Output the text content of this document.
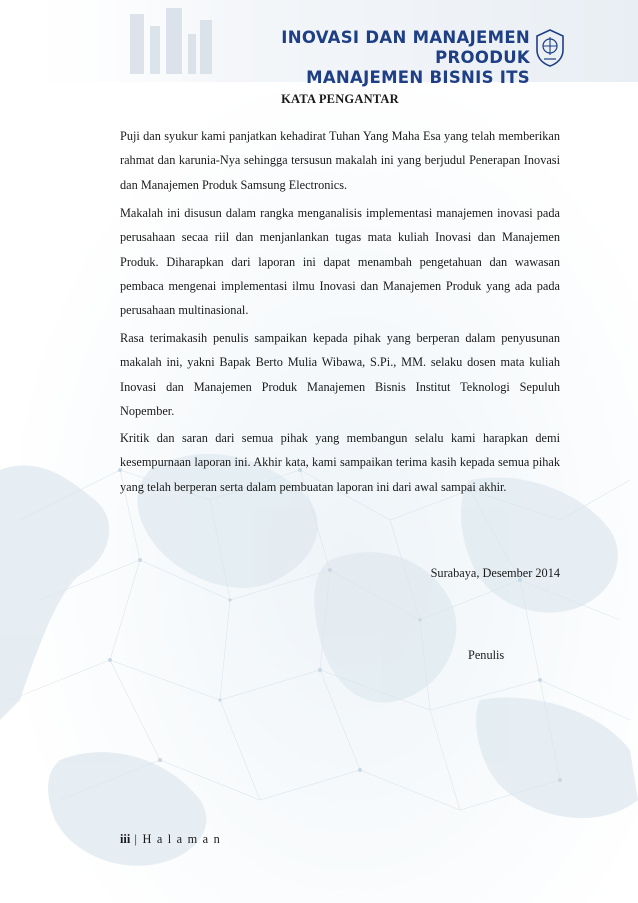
INOVASI DAN MANAJEMEN PROODUK
MANAJEMEN BISNIS ITS
KATA PENGANTAR

Puji dan syukur kami panjatkan kehadirat Tuhan Yang Maha Esa yang telah memberikan rahmat dan karunia-Nya sehingga tersusun makalah ini yang berjudul Penerapan Inovasi dan Manajemen Produk Samsung Electronics.

Makalah ini disusun dalam rangka menganalisis implementasi manajemen inovasi pada perusahaan secaa riil dan menjanlankan tugas mata kuliah Inovasi dan Manajemen Produk. Diharapkan dari laporan ini dapat menambah pengetahuan dan wawasan pembaca mengenai implementasi ilmu Inovasi dan Manajemen Produk yang ada pada perusahaan multinasional.

Rasa terimakasih penulis sampaikan kepada pihak yang berperan dalam penyusunan makalah ini, yakni Bapak Berto Mulia Wibawa, S.Pi., MM. selaku dosen mata kuliah Inovasi dan Manajemen Produk Manajemen Bisnis Institut Teknologi Sepuluh Nopember.

Kritik dan saran dari semua pihak yang membangun selalu kami harapkan demi kesempurnaan laporan ini. Akhir kata, kami sampaikan terima kasih kepada semua pihak yang telah berperan serta dalam pembuatan laporan ini dari awal sampai akhir.

Surabaya, Desember 2014
Penulis
iii | H a l a m a n
